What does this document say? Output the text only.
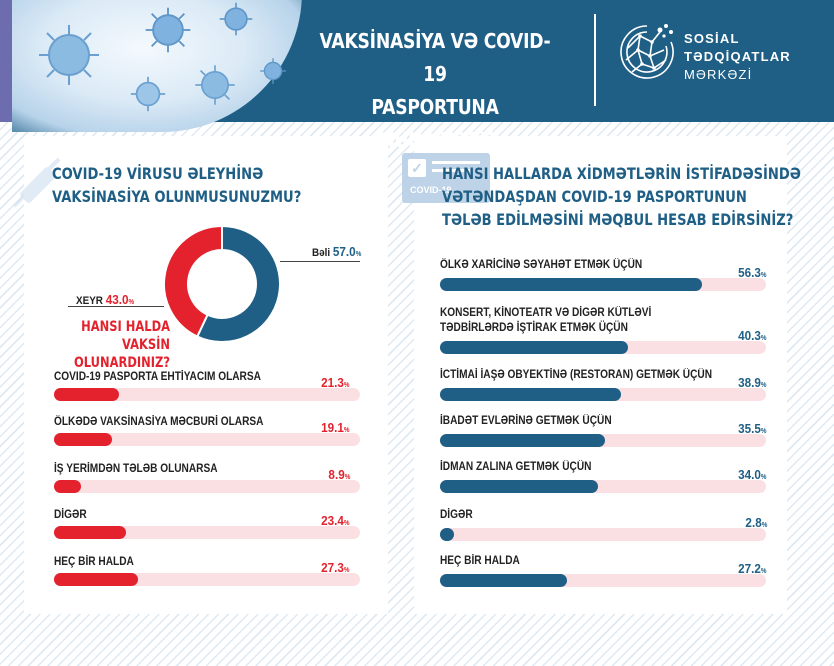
VAKSİNASİYA VƏ COVID-19
PASPORTUNA
SOSİAL
TƏDQİQATLAR
MƏRKƏZİ
COVID-19 VİRUSU ƏLEYHİNƏ
VAKSİNASİYA OLUNMUSUNUZMU?
Bəli 57.0%
XEYR 43.0%
HANSI HALDA
VAKSİN OLUNARDINIZ?
COVID-19 PASPORTA EHTİYACIM OLARSA	21.3%
ÖLKƏDƏ VAKSİNASİYA MƏCBURİ OLARSA	19.1%
İŞ YERİMDƏN TƏLƏB OLUNARSA	8.9%
DİGƏR	23.4%
HEÇ BİR HALDA	27.3%
✓
COVID-19
HANSI HALLARDA XİDMƏTLƏRİN İSTİFADƏSİNDƏ
VƏTƏNDAŞDAN COVID-19 PASPORTUNUN
TƏLƏB EDİLMƏSİNİ MƏQBUL HESAB EDİRSİNİZ?
ÖLKƏ XARİCİNƏ SƏYAHƏT ETMƏK ÜÇÜN	56.3%
KONSERT, KİNOTEATR VƏ DİGƏR KÜTLƏVİ
TƏDBİRLƏRDƏ İŞTİRAK ETMƏK ÜÇÜN	40.3%
İCTİMAİ İAŞƏ OBYEKTİNƏ (RESTORAN) GETMƏK ÜÇÜN 38.9%
İBADƏT EVLƏRİNƏ GETMƏK ÜÇÜN	35.5%
İDMAN ZALINA GETMƏK ÜÇÜN	34.0%
DİGƏR	2.8%
HEÇ BİR HALDA	27.2%
